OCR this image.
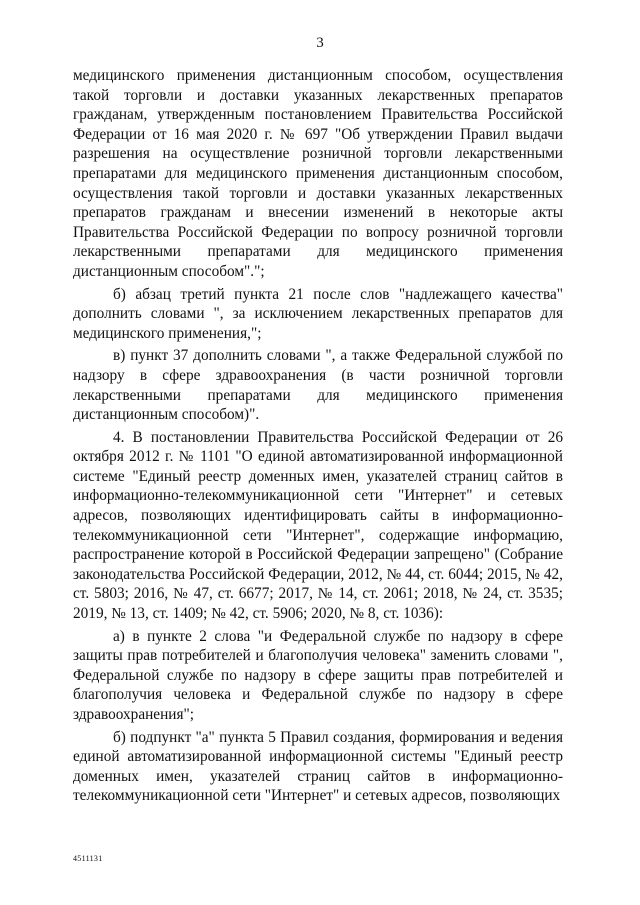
3

медицинского применения дистанционным способом, осуществления такой торговли и доставки указанных лекарственных препаратов гражданам, утвержденным постановлением Правительства Российской Федерации от 16 мая 2020 г. № 697 "Об утверждении Правил выдачи разрешения на осуществление розничной торговли лекарственными препаратами для медицинского применения дистанционным способом, осуществления такой торговли и доставки указанных лекарственных препаратов гражданам и внесении изменений в некоторые акты Правительства Российской Федерации по вопросу розничной торговли лекарственными препаратами для медицинского применения дистанционным способом".";

б) абзац третий пункта 21 после слов "надлежащего качества" дополнить словами ", за исключением лекарственных препаратов для медицинского применения,";

в) пункт 37 дополнить словами ", а также Федеральной службой по надзору в сфере здравоохранения (в части розничной торговли лекарственными препаратами для медицинского применения дистанционным способом)".

4. В постановлении Правительства Российской Федерации от 26 октября 2012 г. № 1101 "О единой автоматизированной информационной системе "Единый реестр доменных имен, указателей страниц сайтов в информационно-телекоммуникационной сети "Интернет" и сетевых адресов, позволяющих идентифицировать сайты в информационно-телекоммуникационной сети "Интернет", содержащие информацию, распространение которой в Российской Федерации запрещено" (Собрание законодательства Российской Федерации, 2012, № 44, ст. 6044; 2015, № 42, ст. 5803; 2016, № 47, ст. 6677; 2017, № 14, ст. 2061; 2018, № 24, ст. 3535; 2019, № 13, ст. 1409; № 42, ст. 5906; 2020, № 8, ст. 1036):

а) в пункте 2 слова "и Федеральной службе по надзору в сфере защиты прав потребителей и благополучия человека" заменить словами ", Федеральной службе по надзору в сфере защиты прав потребителей и благополучия человека и Федеральной службе по надзору в сфере здравоохранения";

б) подпункт "а" пункта 5 Правил создания, формирования и ведения единой автоматизированной информационной системы "Единый реестр доменных имен, указателей страниц сайтов в информационно-телекоммуникационной сети "Интернет" и сетевых адресов, позволяющих

4511131
